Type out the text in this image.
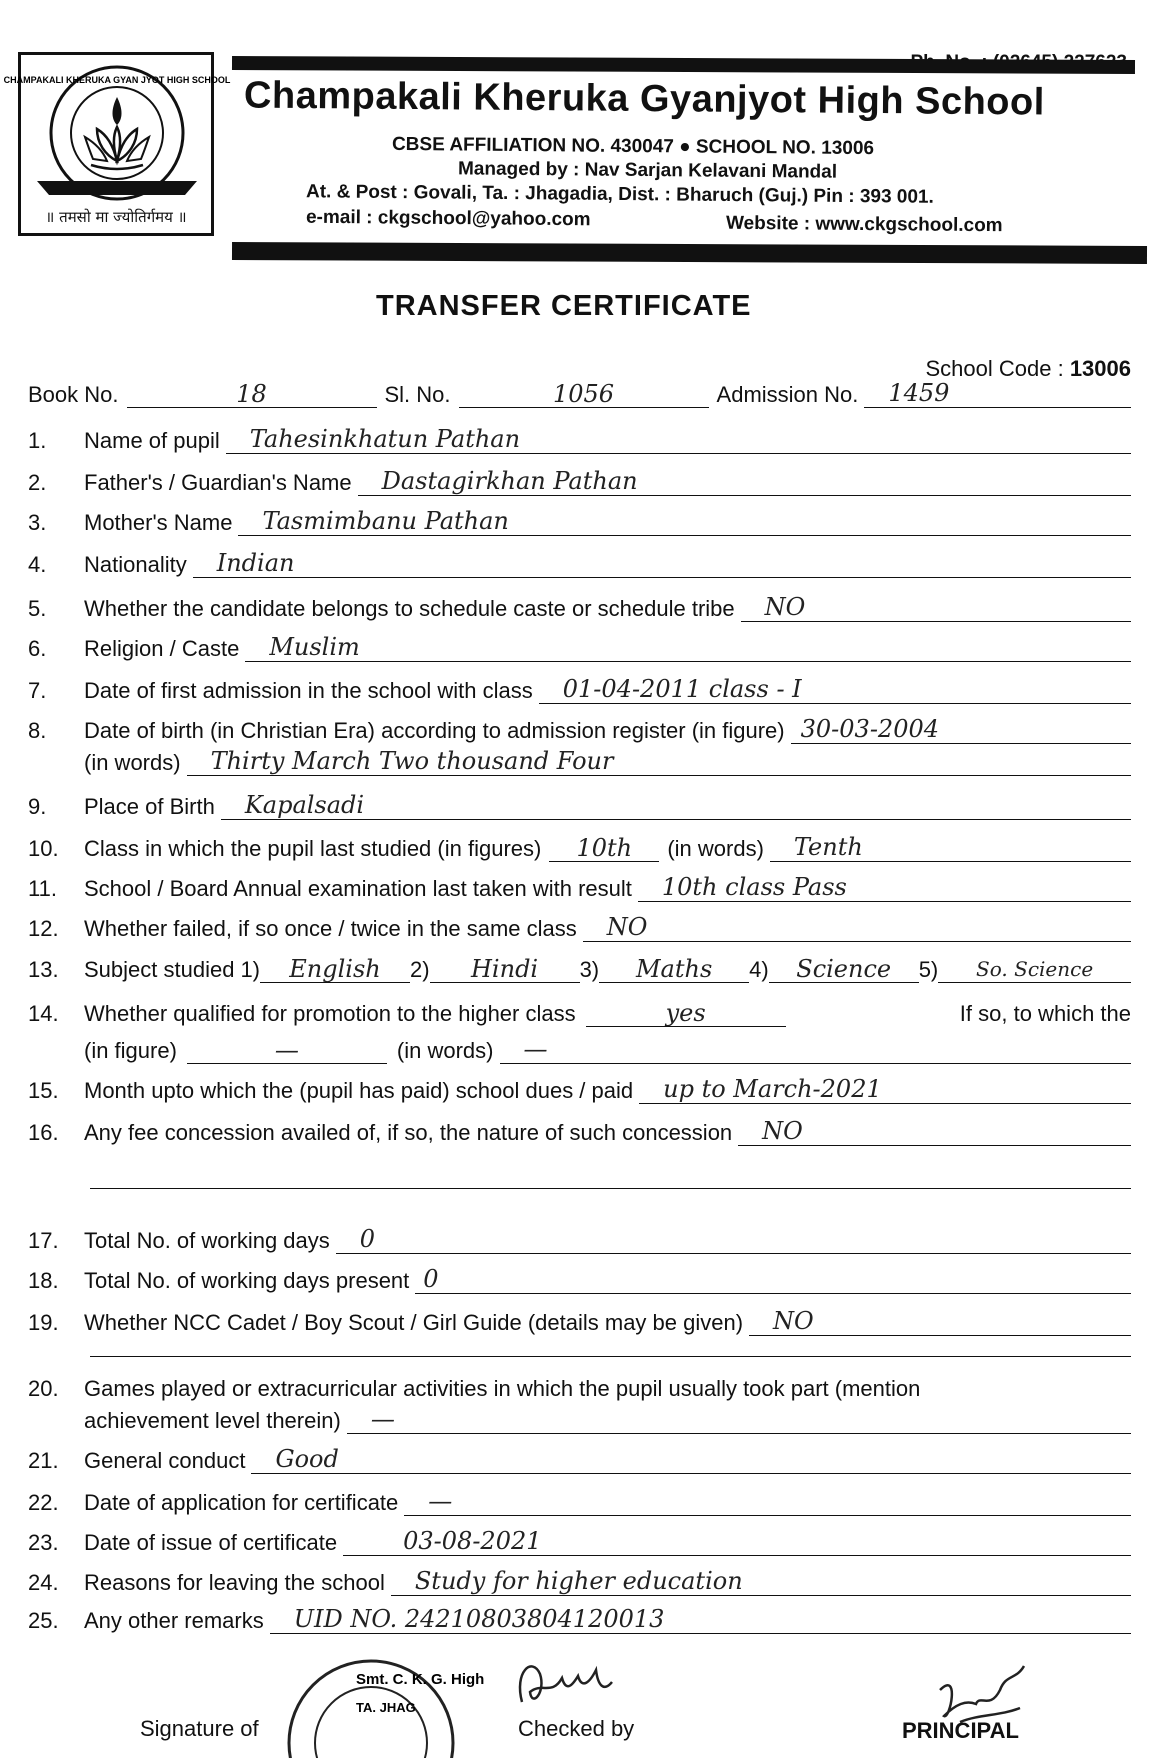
CHAMPAKALI KHERUKA GYAN JYOT HIGH SCHOOL
॥ तमसो मा ज्योतिर्गमय ॥
Champakali Kheruka Gyanjyot High School
CBSE AFFILIATION NO. 430047 ● SCHOOL NO. 13006
Managed by : Nav Sarjan Kelavani Mandal
At. & Post : Govali, Ta. : Jhagadia, Dist. : Bharuch (Guj.) Pin : 393 001.
e-mail : ckgschool@yahoo.com	Website : www.ckgschool.com
TRANSFER CERTIFICATE
School Code : 13006
Book No.	18	Sl. No.	1056	Admission No.	1459
1.	Name of pupil	Tahesinkhatun Pathan
2.	Father's / Guardian's Name	Dastagirkhan Pathan
3.	Mother's Name	Tasmimbanu Pathan
4.	Nationality	Indian
5.	Whether the candidate belongs to schedule caste or schedule tribe	NO
6.	Religion / Caste	Muslim
7.	Date of first admission in the school with class	01-04-2011 class - I
8.	Date of birth (in Christian Era) according to admission register (in figure) 30-03-2004
(in words)	Thirty March Two thousand Four
9.	Place of Birth	Kapalsadi
10.	Class in which the pupil last studied (in figures)	10th	(in words)	Tenth
11.	School / Board Annual examination last taken with result	10th class Pass
12.	Whether failed, if so once / twice in the same class	NO
13.	Subject studied 1)	English	2)	Hindi	3)	Maths	4)	Science	5)	So. Science
14.	Whether qualified for promotion to the higher class	yes	If so, to which the
(in figure)	—	(in words)	—
15.	Month upto which the (pupil has paid) school dues / paid	up to March-2021
16.	Any fee concession availed of, if so, the nature of such concession	NO
17.	Total No. of working days	0
18.	Total No. of working days present 0
19.	Whether NCC Cadet / Boy Scout / Girl Guide (details may be given)	NO
20.	Games played or extracurricular activities in which the pupil usually took part (mention
achievement level therein)	—
21.	General conduct	Good
22.	Date of application for certificate	—
23.	Date of issue of certificate	03-08-2021
24.	Reasons for leaving the school	Study for higher education
25.	Any other remarks	UID NO. 24210803804120013
Signature of
Smt. C. K. G. High
TA. JHAG
Checked by	PRINCIPAL
